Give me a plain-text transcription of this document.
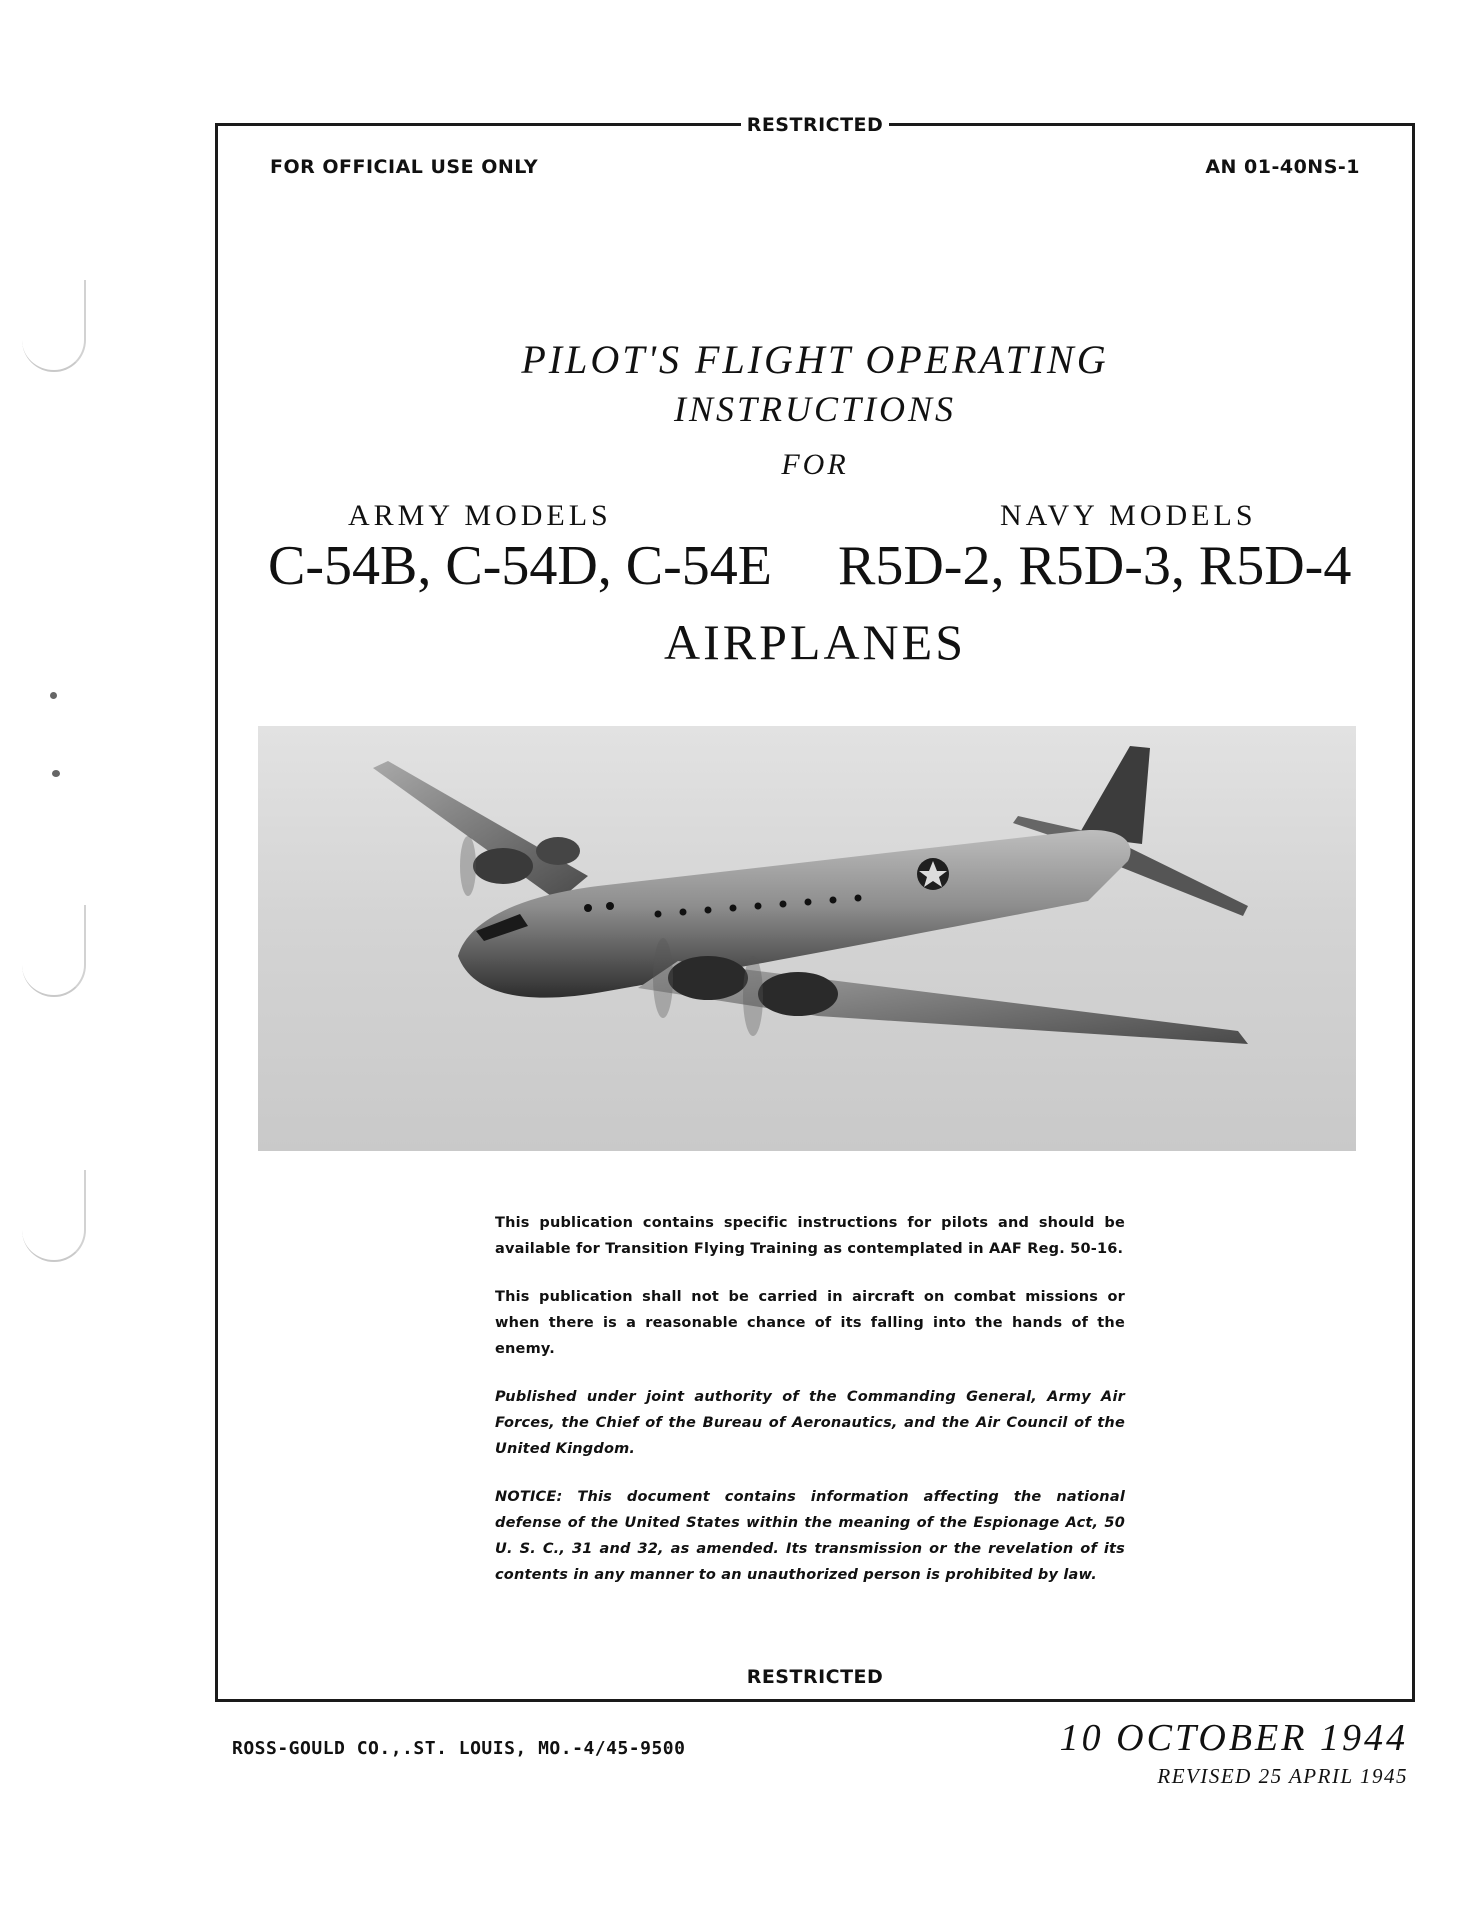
RESTRICTED
FOR OFFICIAL USE ONLY	AN 01-40NS-1
PILOT'S FLIGHT OPERATING
INSTRUCTIONS
FOR
ARMY MODELS	NAVY MODELS
C-54B, C-54D, C-54E R5D-2, R5D-3, R5D-4
AIRPLANES

This publication contains specific instructions for pilots and should be available for Transition Flying Training as contemplated in AAF Reg. 50-16.

This publication shall not be carried in aircraft on combat missions or when there is a reasonable chance of its falling into the hands of the enemy.

Published under joint authority of the Commanding General, Army Air Forces, the Chief of the Bureau of Aeronautics, and the Air Council of the United Kingdom.

NOTICE: This document contains information affecting the national defense of the United States within the meaning of the Espionage Act, 50 U. S. C., 31 and 32, as amended. Its transmission or the revelation of its contents in any manner to an unauthorized person is prohibited by law.

RESTRICTED
ROSS-GOULD CO.,.ST. LOUIS, MO.-4/45-9500	10 OCTOBER 1944
REVISED 25 APRIL 1945
